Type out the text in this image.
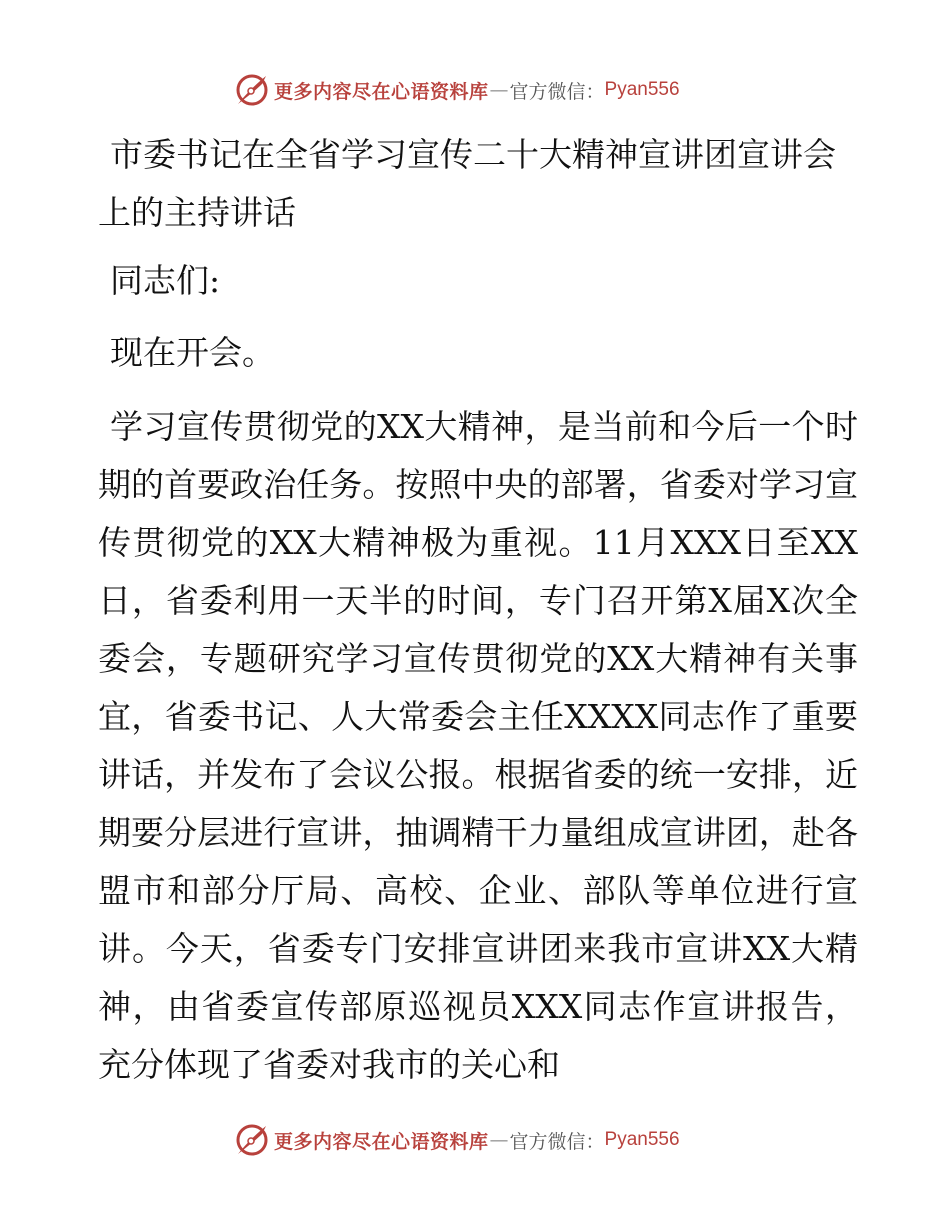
更多内容尽在心语资料库 — 官方微信： Pyan556
市委书记在全省学习宣传二十大精神宣讲团宣讲会上的主持讲话

同志们:

现在开会。

学习宣传贯彻党的XX大精神，是当前和今后一个时期的首要政治任务。按照中央的部署，省委对学习宣传贯彻党的XX大精神极为重视。11月XXX日至XX日，省委利用一天半的时间，专门召开第X届X次全委会，专题研究学习宣传贯彻党的XX大精神有关事宜，省委书记、人大常委会主任XXXX同志作了重要讲话，并发布了会议公报。根据省委的统一安排，近期要分层进行宣讲，抽调精干力量组成宣讲团，赴各盟市和部分厅局、高校、企业、部队等单位进行宣讲。今天，省委专门安排宣讲团来我市宣讲XX大精神，由省委宣传部原巡视员XXX同志作宣讲报告，充分体现了省委对我市的关心和

更多内容尽在心语资料库 — 官方微信： Pyan556
